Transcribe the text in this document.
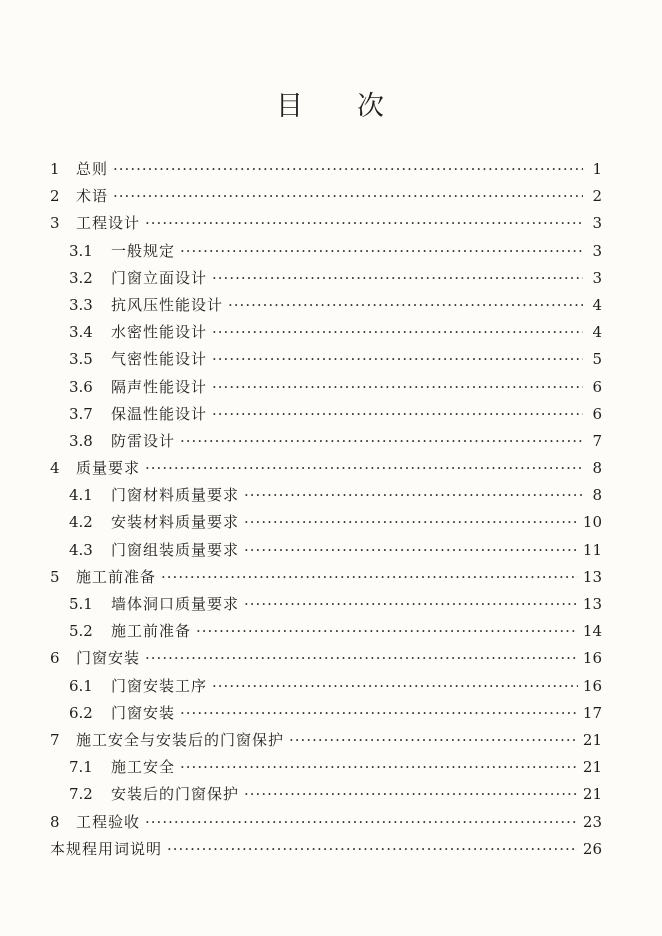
目 次
1	总则 ·····	1
2	术语 ·····	2
3	工程设计 ·····	3
3.1	一般规定 ·····	3
3.2	门窗立面设计 ·····	3
3.3	抗风压性能设计 ·····	4
3.4	水密性能设计 ·····	4
3.5	气密性能设计 ·····	5
3.6	隔声性能设计 ·····	6
3.7	保温性能设计 ·····	6
3.8	防雷设计 ·····	7
4	质量要求 ·····	8
4.1	门窗材料质量要求 ·····	8
4.2	安装材料质量要求 ·····	10
4.3	门窗组装质量要求 ·····	11
5	施工前准备 ·····	13
5.1	墙体洞口质量要求 ·····	13
5.2	施工前准备 ·····	14
6	门窗安装 ·····	16
6.1	门窗安装工序 ·····	16
6.2	门窗安装 ·····	17
7	施工安全与安装后的门窗保护 ·····	21
7.1	施工安全 ·····	21
7.2	安装后的门窗保护 ·····	21
8	工程验收 ·····	23
本规程用词说明 ·····	26
